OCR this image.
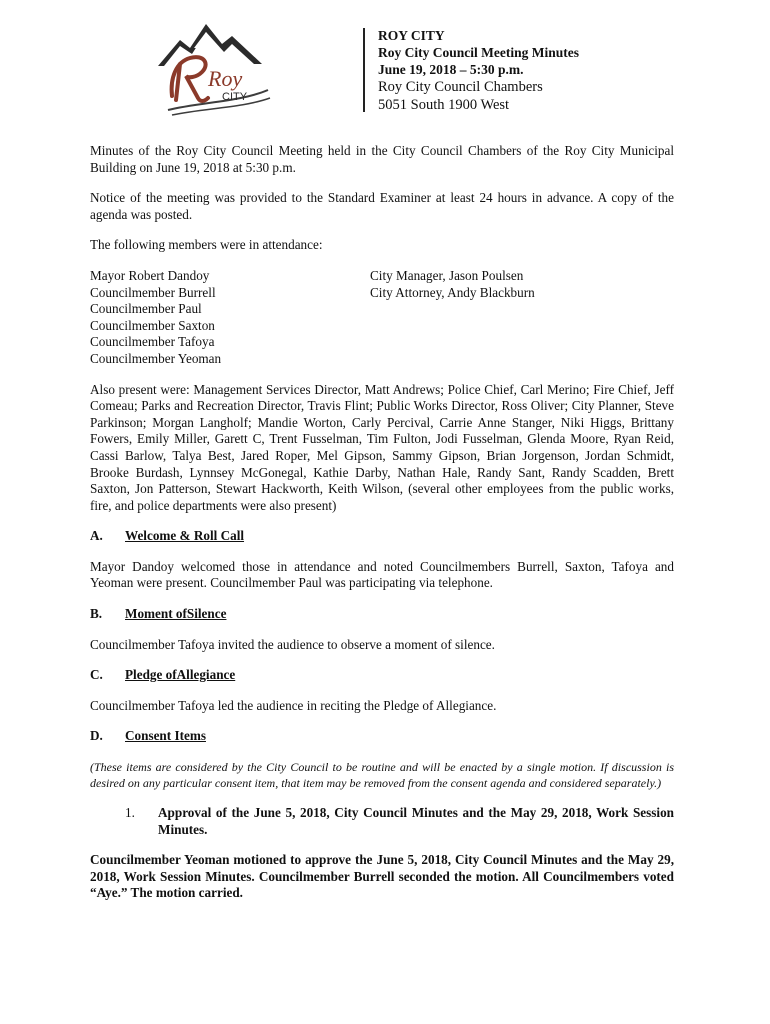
Roy
CITY
ROY CITY
Roy City Council Meeting Minutes
June 19, 2018 – 5:30 p.m.
Roy City Council Chambers
5051 South 1900 West

Minutes of the Roy City Council Meeting held in the City Council Chambers of the Roy City Municipal Building on June 19, 2018 at 5:30 p.m.

Notice of the meeting was provided to the Standard Examiner at least 24 hours in advance. A copy of the agenda was posted.

The following members were in attendance:

Mayor Robert Dandoy
Councilmember Burrell
Councilmember Paul
Councilmember Saxton
Councilmember Tafoya
Councilmember Yeoman
City Manager, Jason Poulsen
City Attorney, Andy Blackburn

Also present were: Management Services Director, Matt Andrews; Police Chief, Carl Merino; Fire Chief, Jeff Comeau; Parks and Recreation Director, Travis Flint; Public Works Director, Ross Oliver; City Planner, Steve Parkinson; Morgan Langholf; Mandie Worton, Carly Percival, Carrie Anne Stanger, Niki Higgs, Brittany Fowers, Emily Miller, Garett C, Trent Fusselman, Tim Fulton, Jodi Fusselman, Glenda Moore, Ryan Reid, Cassi Barlow, Talya Best, Jared Roper, Mel Gipson, Sammy Gipson, Brian Jorgenson, Jordan Schmidt, Brooke Burdash, Lynnsey McGonegal, Kathie Darby, Nathan Hale, Randy Sant, Randy Scadden, Brett Saxton, Jon Patterson, Stewart Hackworth, Keith Wilson, (several other employees from the public works, fire, and police departments were also present)

A.	Welcome & Roll Call

Mayor Dandoy welcomed those in attendance and noted Councilmembers Burrell, Saxton, Tafoya and Yeoman were present. Councilmember Paul was participating via telephone.

B.	Moment ofSilence

Councilmember Tafoya invited the audience to observe a moment of silence.

C.	Pledge ofAllegiance

Councilmember Tafoya led the audience in reciting the Pledge of Allegiance.

D.	Consent Items

(These items are considered by the City Council to be routine and will be enacted by a single motion. If discussion is desired on any particular consent item, that item may be removed from the consent agenda and considered separately.)

1.	Approval of the June 5, 2018, City Council Minutes and the May 29, 2018, Work Session Minutes.

Councilmember Yeoman motioned to approve the June 5, 2018, City Council Minutes and the May 29, 2018, Work Session Minutes. Councilmember Burrell seconded the motion. All Councilmembers voted “Aye.” The motion carried.
